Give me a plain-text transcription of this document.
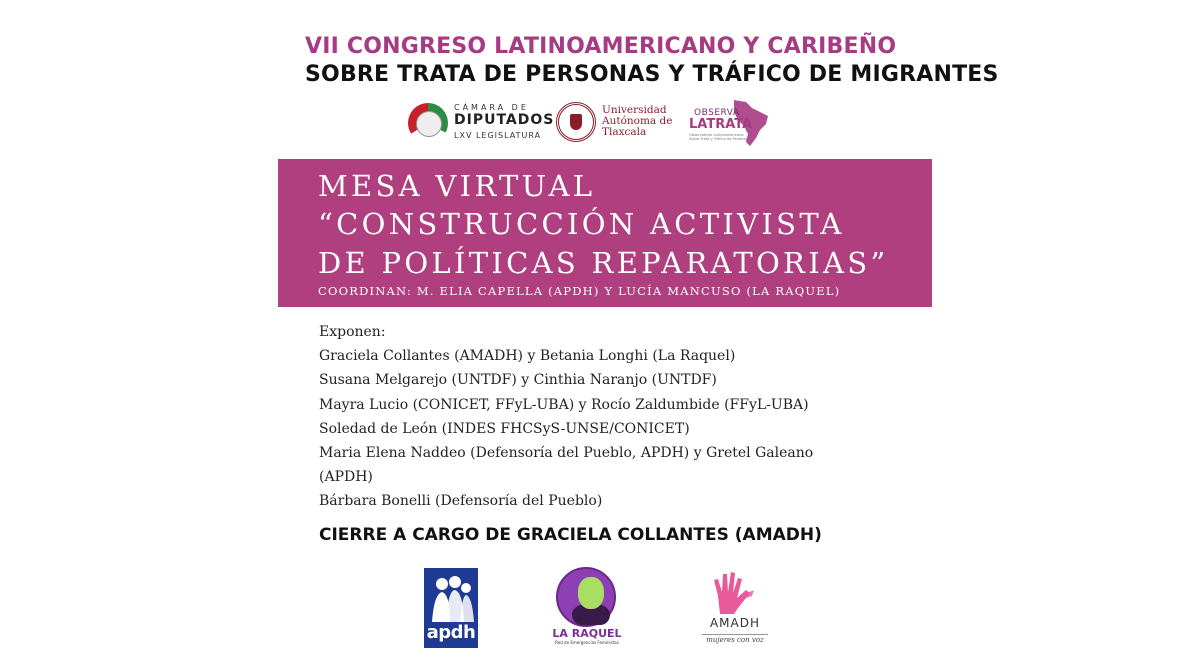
VII CONGRESO LATINOAMERICANO Y CARIBEÑO
SOBRE TRATA DE PERSONAS Y TRÁFICO DE MIGRANTES
CÁMARA DE
DIPUTADOS
LXV LEGISLATURA
Universidad
Autónoma de
Tlaxcala
OBSERVA
LATRATA
Observatorio Latinoamericano
Sobre Trata y Tráfico de Personas
MESA VIRTUAL
“CONSTRUCCIÓN ACTIVISTA
DE POLÍTICAS REPARATORIAS”
COORDINAN: M. ELIA CAPELLA (APDH) Y LUCÍA MANCUSO (LA RAQUEL)
Exponen:
Graciela Collantes (AMADH) y Betania Longhi (La Raquel)
Susana Melgarejo (UNTDF) y Cinthia Naranjo (UNTDF)
Mayra Lucio (CONICET, FFyL-UBA) y Rocío Zaldumbide (FFyL-UBA)
Soledad de León (INDES FHCSyS-UNSE/CONICET)
Maria Elena Naddeo (Defensoría del Pueblo, APDH) y Gretel Galeano
(APDH)
Bárbara Bonelli (Defensoría del Pueblo)
CIERRE A CARGO DE GRACIELA COLLANTES (AMADH)
apdh	LA RAQUEL
Red de Emergencias Feministas
AMADH
mujeres con voz
